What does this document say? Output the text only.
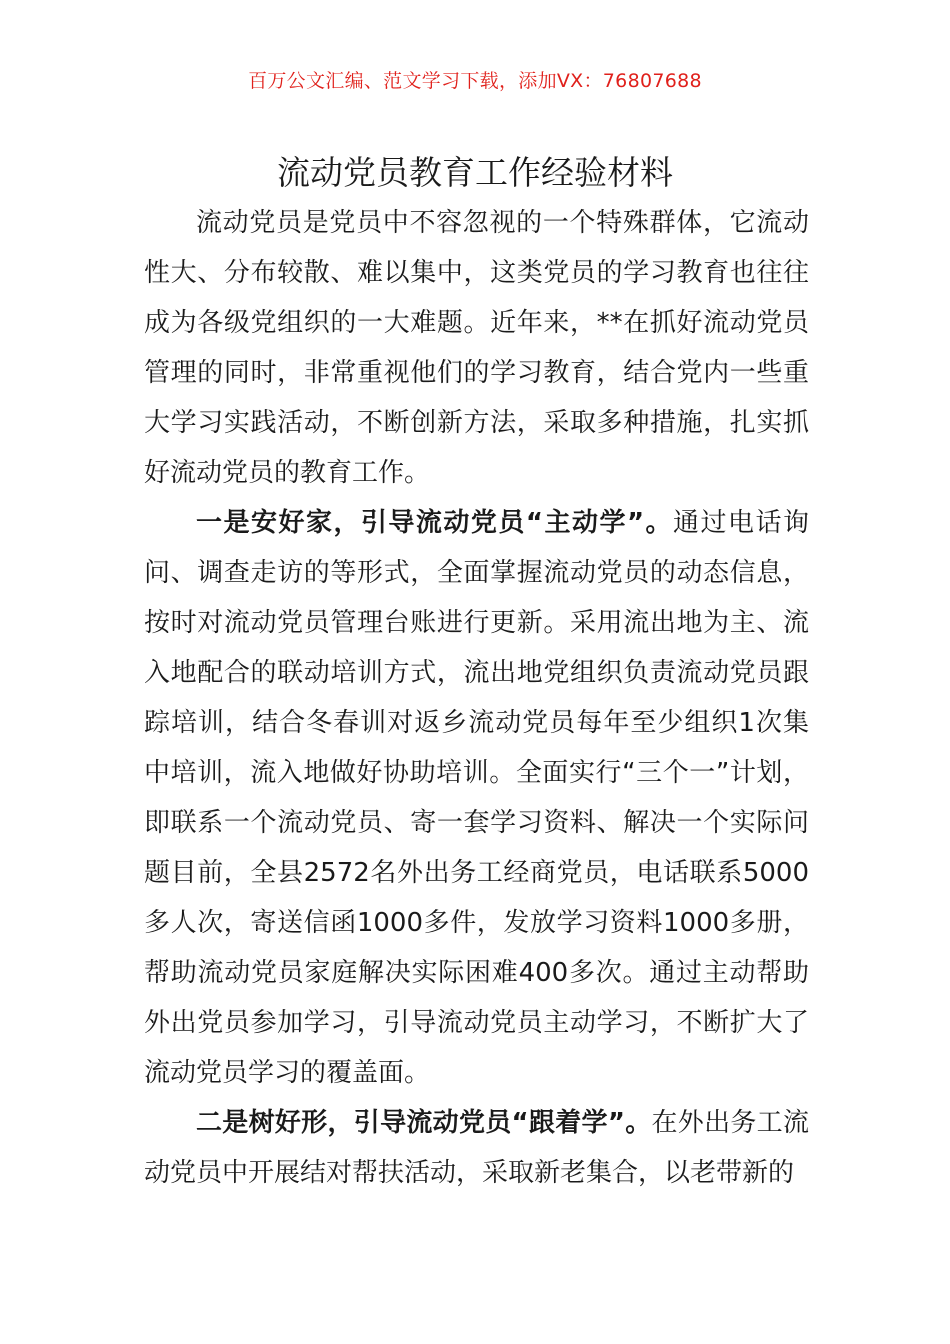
百万公文汇编、范文学习下载，添加VX：76807688
流动党员教育工作经验材料

流动党员是党员中不容忽视的一个特殊群体，它流动性大、分布较散、难以集中，这类党员的学习教育也往往成为各级党组织的一大难题。近年来，**在抓好流动党员管理的同时，非常重视他们的学习教育，结合党内一些重大学习实践活动，不断创新方法，采取多种措施，扎实抓好流动党员的教育工作。

一是安好家，引导流动党员“主动学”。通过电话询问、调查走访的等形式，全面掌握流动党员的动态信息，按时对流动党员管理台账进行更新。采用流出地为主、流入地配合的联动培训方式，流出地党组织负责流动党员跟踪培训，结合冬春训对返乡流动党员每年至少组织1次集中培训，流入地做好协助培训。全面实行“三个一”计划，即联系一个流动党员、寄一套学习资料、解决一个实际问题目前，全县2572名外出务工经商党员，电话联系5000多人次，寄送信函1000多件，发放学习资料1000多册，帮助流动党员家庭解决实际困难400多次。通过主动帮助外出党员参加学习，引导流动党员主动学习，不断扩大了流动党员学习的覆盖面。

二是树好形，引导流动党员“跟着学”。在外出务工流动党员中开展结对帮扶活动，采取新老集合，以老带新的
